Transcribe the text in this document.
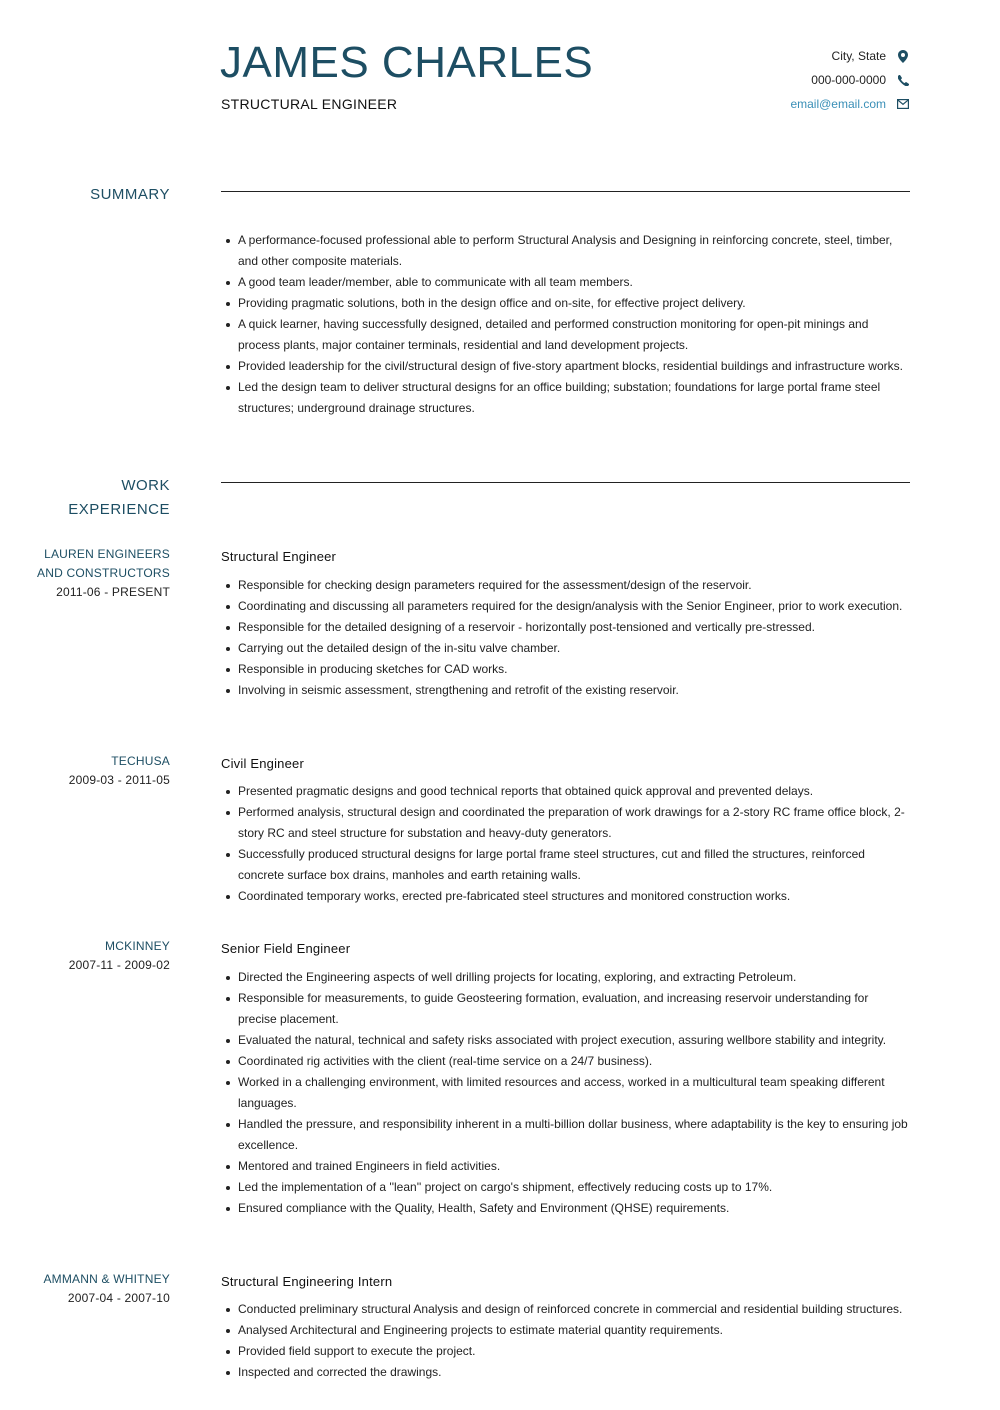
JAMES CHARLES
STRUCTURAL ENGINEER
City, State
000-000-0000
email@email.com
SUMMARY
A performance-focused professional able to perform Structural Analysis and Designing in reinforcing concrete, steel, timber, and other composite materials.
A good team leader/member, able to communicate with all team members.
Providing pragmatic solutions, both in the design office and on-site, for effective project delivery.
A quick learner, having successfully designed, detailed and performed construction monitoring for open-pit minings and process plants, major container terminals, residential and land development projects.
Provided leadership for the civil/structural design of five-story apartment blocks, residential buildings and infrastructure works.
Led the design team to deliver structural designs for an office building; substation; foundations for large portal frame steel structures; underground drainage structures.
WORK
EXPERIENCE
LAUREN ENGINEERS
AND CONSTRUCTORS
2011-06 - PRESENT
Structural Engineer
Responsible for checking design parameters required for the assessment/design of the reservoir.
Coordinating and discussing all parameters required for the design/analysis with the Senior Engineer, prior to work execution.
Responsible for the detailed designing of a reservoir - horizontally post-tensioned and vertically pre-stressed.
Carrying out the detailed design of the in-situ valve chamber.
Responsible in producing sketches for CAD works.
Involving in seismic assessment, strengthening and retrofit of the existing reservoir.
TECHUSA
2009-03 - 2011-05
Civil Engineer
Presented pragmatic designs and good technical reports that obtained quick approval and prevented delays.
Performed analysis, structural design and coordinated the preparation of work drawings for a 2-story RC frame office block, 2-story RC and steel structure for substation and heavy-duty generators.
Successfully produced structural designs for large portal frame steel structures, cut and filled the structures, reinforced concrete surface box drains, manholes and earth retaining walls.
Coordinated temporary works, erected pre-fabricated steel structures and monitored construction works.
MCKINNEY
2007-11 - 2009-02
Senior Field Engineer
Directed the Engineering aspects of well drilling projects for locating, exploring, and extracting Petroleum.
Responsible for measurements, to guide Geosteering formation, evaluation, and increasing reservoir understanding for precise placement.
Evaluated the natural, technical and safety risks associated with project execution, assuring wellbore stability and integrity.
Coordinated rig activities with the client (real-time service on a 24/7 business).
Worked in a challenging environment, with limited resources and access, worked in a multicultural team speaking different languages.
Handled the pressure, and responsibility inherent in a multi-billion dollar business, where adaptability is the key to ensuring job excellence.
Mentored and trained Engineers in field activities.
Led the implementation of a ''lean'' project on cargo's shipment, effectively reducing costs up to 17%.
Ensured compliance with the Quality, Health, Safety and Environment (QHSE) requirements.
AMMANN & WHITNEY
2007-04 - 2007-10
Structural Engineering Intern
Conducted preliminary structural Analysis and design of reinforced concrete in commercial and residential building structures.
Analysed Architectural and Engineering projects to estimate material quantity requirements.
Provided field support to execute the project.
Inspected and corrected the drawings.
